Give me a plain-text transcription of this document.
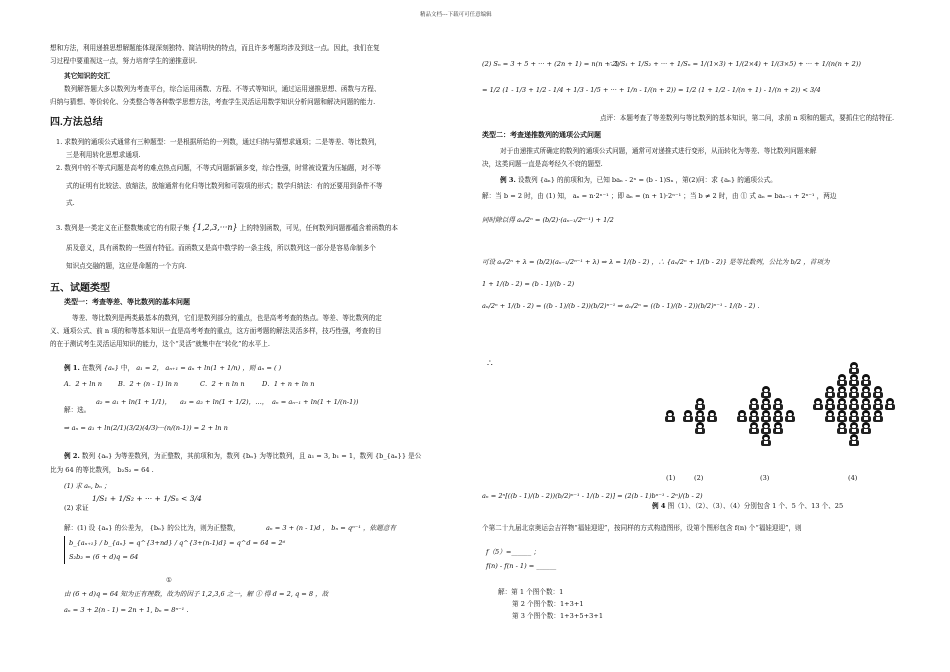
精品文档---下载可可任意编辑
想和方法，利用递推思想解题能体现深刻独特、简洁明快的特点，而且许多考题均涉及到这一点。因此，我们在复
习过程中要重视这一点，努力培育学生的递推意识.
其它知识的交汇
数列解答题大多以数列为考查平台，综合运用函数、方程、不等式等知识，通过运用递推思想、函数与方程、
归纳与猜想、等价转化、分类整合等各种数学思想方法，考查学生灵活运用数学知识分析问题和解决问题的能力.
四.方法总结
1. 求数列的通项公式通常有三种题型：一是根据所给的一列数，通过归纳与猜想求通项；二是等差、等比数列，
三是利用转化思想求通项.
2. 数列中的不等式问题是高考的难点热点问题，不等式问题新颖多变，综合性强，时常被设置为压轴题，对不等
式的证明有比较法、放缩法，放缩通常有化归等比数列和可裂项的形式；数学归纳法：有的还要用到条件不等
式.
3. 数列是一类定义在正整数集或它的有限子集 {1,2,3,···n} 上的特别函数，可见，任何数列问题都蕴含着函数的本
质及意义，具有函数的一些固有特征。而函数又是高中数学的一条主线，所以数列这一部分是容易命制多个
知识点交融的题，这应是命题的一个方向.
五、试题类型
类型一：考查等差、等比数列的基本问题
等差、等比数列是两类最基本的数列，它们是数列部分的重点，也是高考考查的热点。等差、等比数列的定
义、通项公式、前 n 项的和等基本知识一直是高考考查的重点，这方面考题的解法灵活多样，技巧性强，考查的目
的在于测试考生灵活运用知识的能力，这个“灵活”就集中在“转化”的水平上.
例 1. 在数列 {aₙ} 中， a₁ = 2， aₙ₊₁ = aₙ + ln(1 + 1/n) ，则 aₙ = ( )
A．2 + ln n B．2 + (n - 1) ln n	C．2 + n ln n	D．1 + n + ln n
解：选。
a₂ = a₁ + ln(1 + 1/1)， a₃ = a₂ + ln(1 + 1/2)，…， aₙ = aₙ₋₁ + ln(1 + 1/(n-1))
⇒ aₙ = a₁ + ln(2/1)(3/2)(4/3)···(n/(n-1)) = 2 + ln n
例 2. 数列 {aₙ} 为等差数列，为正整数，其前项和为，数列 {bₙ} 为等比数列，且 a₁ = 3, b₁ = 1，数列 {b_{aₙ}} 是公
比为 64 的等比数列， b₂S₂ = 64 .
(1) 求 aₙ, bₙ ；
(2) 求证
1/S₁ + 1/S₂ + ··· + 1/Sₙ < 3/4
解：(1) 设 {aₙ} 的公差为， {bₙ} 的公比为，则为正整数，	aₙ = 3 + (n - 1)d ， bₙ = qⁿ⁻¹ ，依题意有
b_{aₙ₊₁} / b_{aₙ} = q^{3+nd} / q^{3+(n-1)d} = q^d = 64 = 2⁶
S₂b₂ = (6 + d)q = 64
①
由 (6 + d)q = 64 知为正有理数，故为的因子 1,2,3,6 之一，解 ① 得 d = 2, q = 8 ，故
aₙ = 3 + 2(n - 1) = 2n + 1, bₙ = 8ⁿ⁻¹ .
(2) Sₙ = 3 + 5 + ··· + (2n + 1) = n(n + 2)
∴ 1/S₁ + 1/S₂ + ··· + 1/Sₙ = 1/(1×3) + 1/(2×4) + 1/(3×5) + ··· + 1/(n(n + 2))
= 1/2 (1 - 1/3 + 1/2 - 1/4 + 1/3 - 1/5 + ··· + 1/n - 1/(n + 2)) = 1/2 (1 + 1/2 - 1/(n + 1) - 1/(n + 2)) < 3/4
点评：本题考查了等差数列与等比数列的基本知识，第二问，求前 n 项和的题式，要抓住它的结特征.
类型二：考查递推数列的通项公式问题
对于由递推式所确定的数列的通项公式问题，通常可对递推式进行变形，从而转化为等差、等比数列问题来解
决，这类问题一直是高考经久不衰的题型.
例 3. 设数列 {aₙ} 的前项和为，已知 baₙ - 2ⁿ = (b - 1)Sₙ ，第(2)问：求 {aₙ} 的通项公式。
解：当 b = 2 时，由 (1) 知， aₙ = n·2ⁿ⁻¹ ；即 aₙ = (n + 1)·2ⁿ⁻¹ ；当 b ≠ 2 时，由 ① 式 aₙ = baₙ₋₁ + 2ⁿ⁻¹ ，两边
同时除以得 aₙ/2ⁿ = (b/2)·(aₙ₋₁/2ⁿ⁻¹) + 1/2
可设 aₙ/2ⁿ + λ = (b/2)(aₙ₋₁/2ⁿ⁻¹ + λ) ⇒ λ = 1/(b - 2) ，∴ {aₙ/2ⁿ + 1/(b - 2)} 是等比数列，公比为 b/2 ，首项为
1 + 1/(b - 2) = (b - 1)/(b - 2)
aₙ/2ⁿ + 1/(b - 2) = ((b - 1)/(b - 2))(b/2)ⁿ⁻¹ ⇒ aₙ/2ⁿ = ((b - 1)/(b - 2))(b/2)ⁿ⁻¹ - 1/(b - 2) .
∴
(1)	(2)	(3)	(4)
aₙ = 2ⁿ[((b - 1)/(b - 2))(b/2)ⁿ⁻¹ - 1/(b - 2)] = (2(b - 1)bⁿ⁻¹ - 2ⁿ)/(b - 2)
例 4 图（1）、（2）、（3）、（4）分别包含 1 个、5 个、13 个、25
个第二十九届北京奥运会吉祥物“福娃迎迎”，按同样的方式构造图形，设第个图形包含 f(n) 个“福娃迎迎”，则
f（5）=______ ；
f(n) - f(n - 1) = ______
解：第 1 个图个数：1
第 2 个图个数：1+3+1
第 3 个图个数：1+3+5+3+1
